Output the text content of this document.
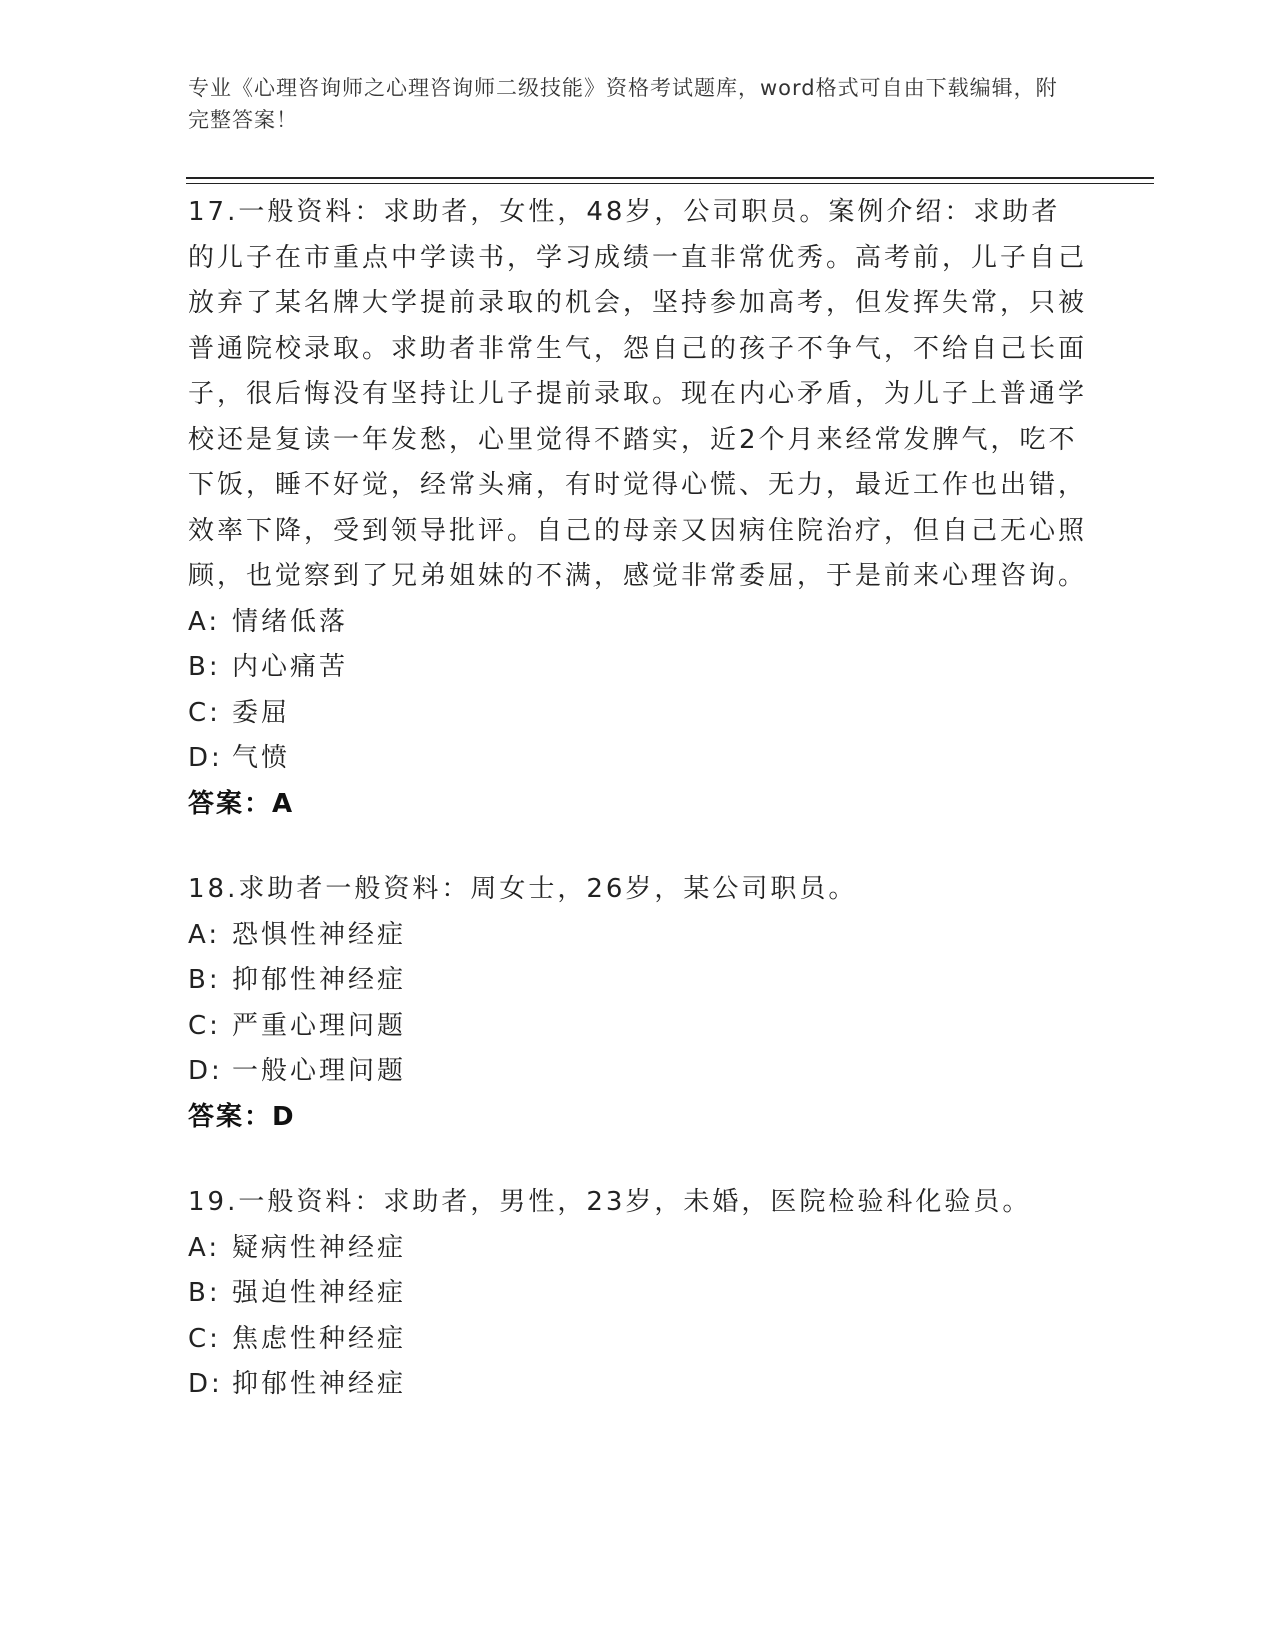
专业《心理咨询师之心理咨询师二级技能》资格考试题库，word格式可自由下载编辑，附完整答案！

17.一般资料：求助者，女性，48岁，公司职员。案例介绍：求助者的儿子在市重点中学读书，学习成绩一直非常优秀。高考前，儿子自己放弃了某名牌大学提前录取的机会，坚持参加高考，但发挥失常，只被普通院校录取。求助者非常生气，怨自己的孩子不争气，不给自己长面子，很后悔没有坚持让儿子提前录取。现在内心矛盾，为儿子上普通学校还是复读一年发愁，心里觉得不踏实，近2个月来经常发脾气，吃不下饭，睡不好觉，经常头痛，有时觉得心慌、无力，最近工作也出错，效率下降，受到领导批评。自己的母亲又因病住院治疗，但自己无心照顾，也觉察到了兄弟姐妹的不满，感觉非常委屈，于是前来心理咨询。

A: 情绪低落
B: 内心痛苦
C: 委屈
D: 气愤
答案：A

18.求助者一般资料：周女士，26岁，某公司职员。

A: 恐惧性神经症
B: 抑郁性神经症
C: 严重心理问题
D: 一般心理问题
答案：D

19.一般资料：求助者，男性，23岁，未婚，医院检验科化验员。

A: 疑病性神经症
B: 强迫性神经症
C: 焦虑性种经症
D: 抑郁性神经症
